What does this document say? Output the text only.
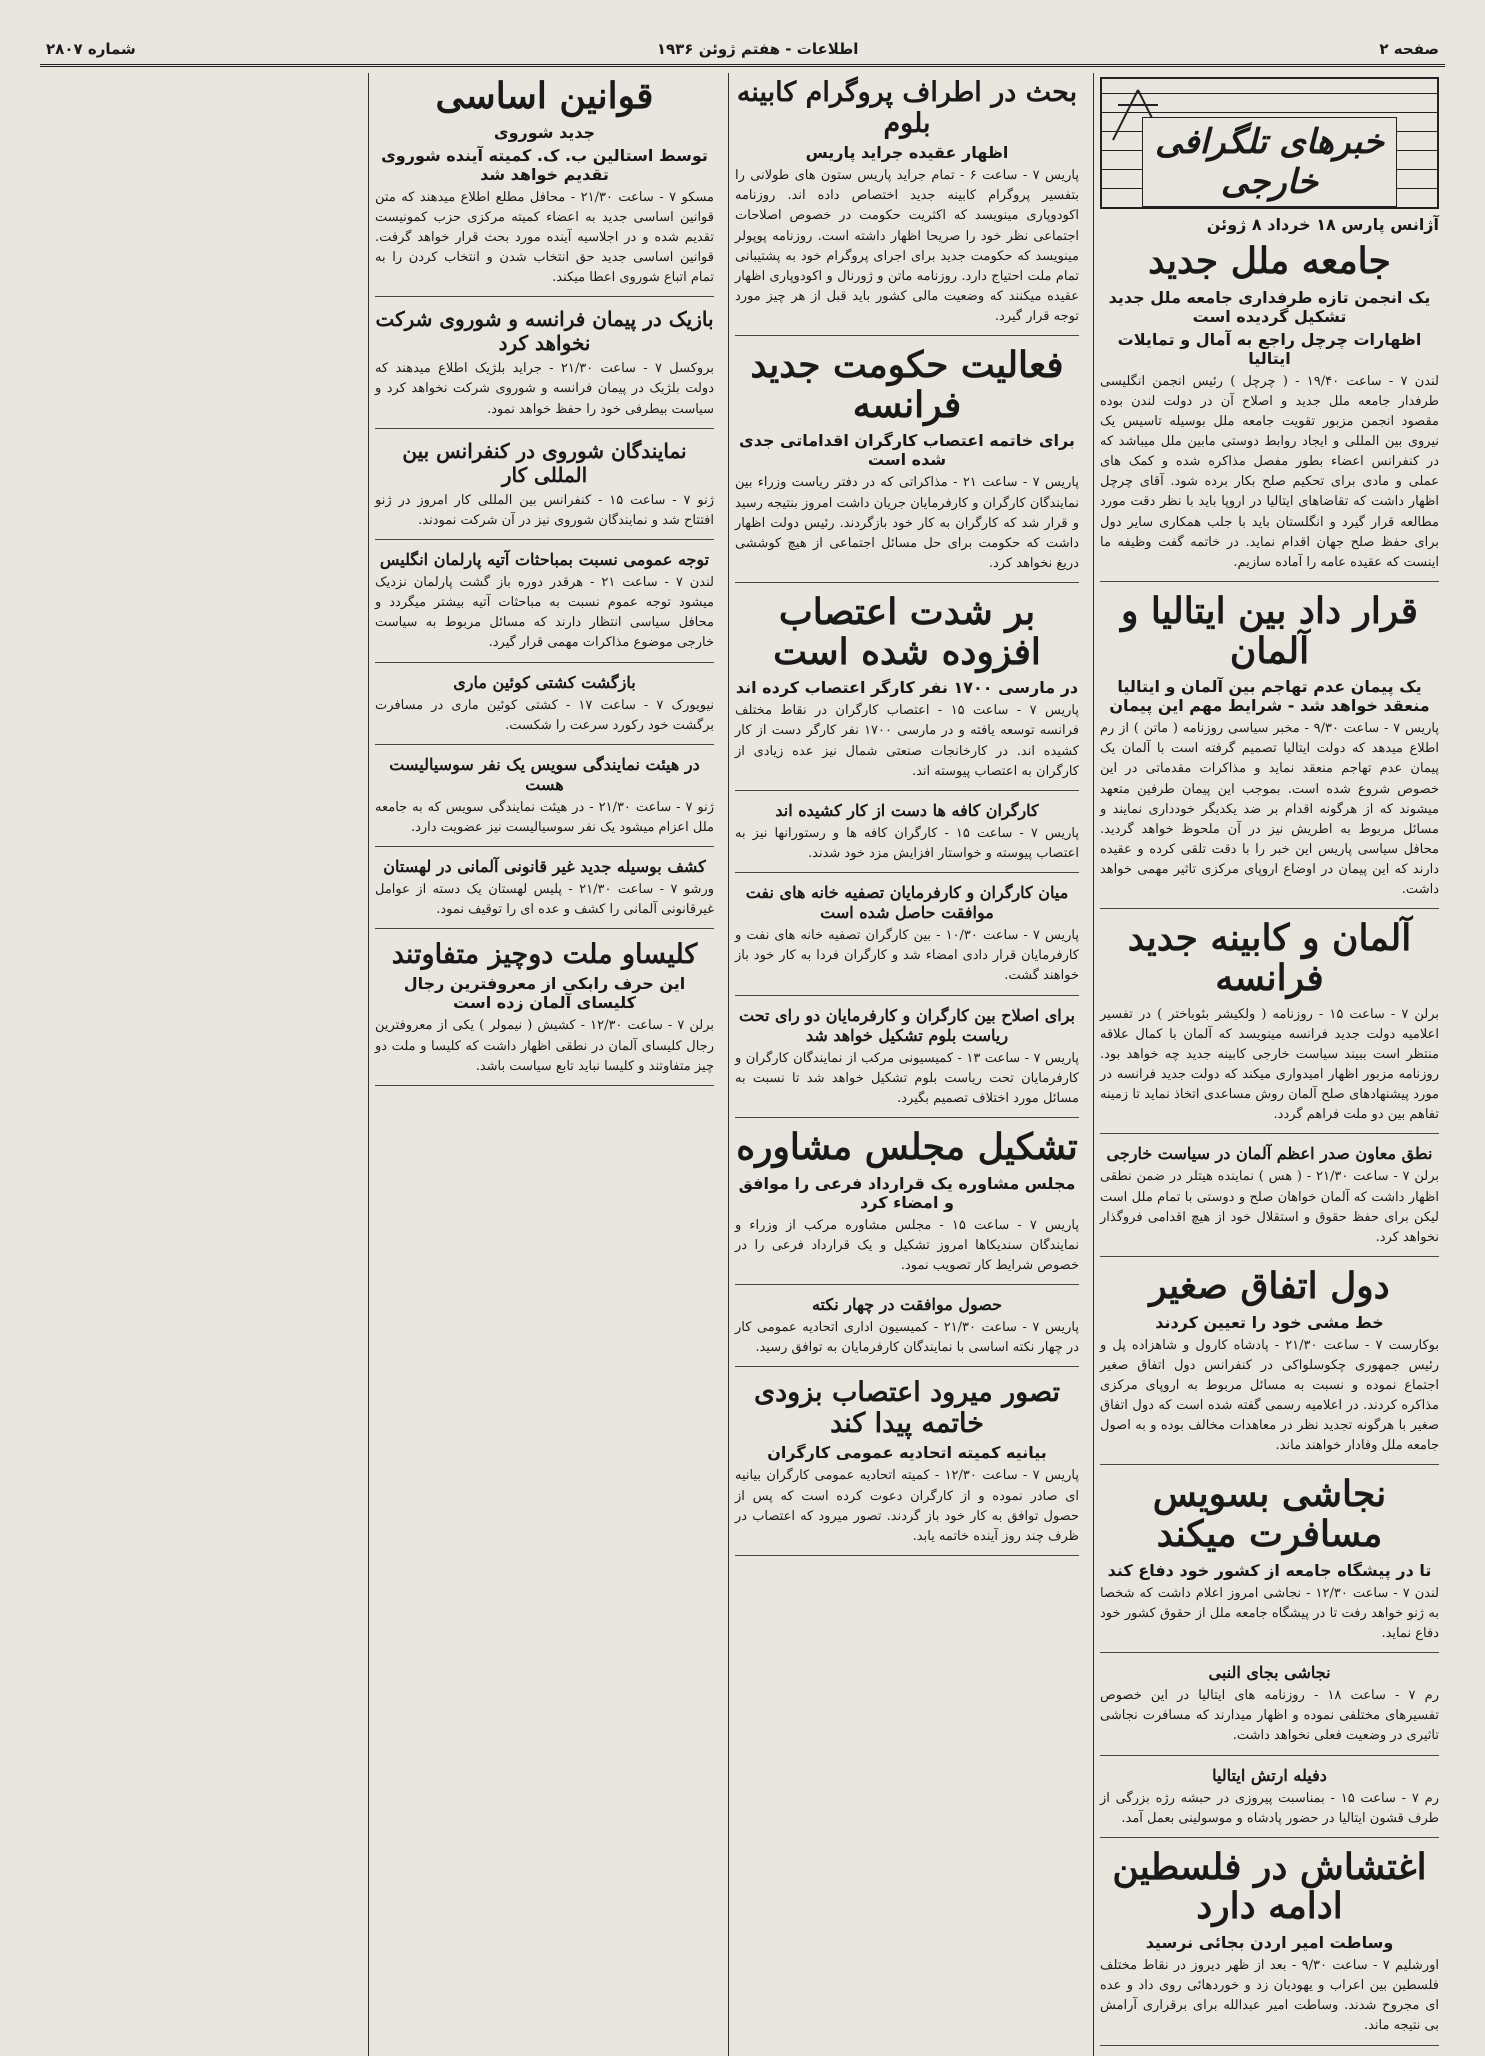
صفحه ۲
اطلاعات - هفتم ژوئن ۱۹۳۶
شماره ۲۸۰۷
خبرهای تلگرافی خارجی
آژانس پارس ۱۸ خرداد ۸ ژوئن
جامعه ملل جدید
یک انجمن تازه طرفداری جامعه ملل جدید تشکیل گردیده است
اظهارات چرچل راجع به آمال و تمایلات ایتالیا

لندن ۷ - ساعت ۱۹/۴۰ - ( چرچل ) رئیس انجمن انگلیسی طرفدار جامعه ملل جدید و اصلاح آن در دولت لندن بوده مقصود انجمن مزبور تقویت جامعه ملل بوسیله تاسیس یک نیروی بین المللی و ایجاد روابط دوستی مابین ملل میباشد که در کنفرانس اعضاء بطور مفصل مذاکره شده و کمک های عملی و مادی برای تحکیم صلح بکار برده شود. آقای چرچل اظهار داشت که تقاضاهای ایتالیا در اروپا باید با نظر دقت مورد مطالعه قرار گیرد و انگلستان باید با جلب همکاری سایر دول برای حفظ صلح جهان اقدام نماید. در خاتمه گفت وظیفه ما اینست که عقیده عامه را آماده سازیم.

قرار داد بین ایتالیا و آلمان
یک پیمان عدم تهاجم بین آلمان و ایتالیا منعقد خواهد شد - شرایط مهم این پیمان

پاریس ۷ - ساعت ۹/۳۰ - مخبر سیاسی روزنامه ( ماتن ) از رم اطلاع میدهد که دولت ایتالیا تصمیم گرفته است با آلمان یک پیمان عدم تهاجم منعقد نماید و مذاکرات مقدماتی در این خصوص شروع شده است. بموجب این پیمان طرفین متعهد میشوند که از هرگونه اقدام بر ضد یکدیگر خودداری نمایند و مسائل مربوط به اطریش نیز در آن ملحوظ خواهد گردید. محافل سیاسی پاریس این خبر را با دقت تلقی کرده و عقیده دارند که این پیمان در اوضاع اروپای مرکزی تاثیر مهمی خواهد داشت.

آلمان و کابینه جدید فرانسه

برلن ۷ - ساعت ۱۵ - روزنامه ( ولکیشر بئوباختر ) در تفسیر اعلامیه دولت جدید فرانسه مینویسد که آلمان با کمال علاقه منتظر است ببیند سیاست خارجی کابینه جدید چه خواهد بود. روزنامه مزبور اظهار امیدواری میکند که دولت جدید فرانسه در مورد پیشنهادهای صلح آلمان روش مساعدی اتخاذ نماید تا زمینه تفاهم بین دو ملت فراهم گردد.

نطق معاون صدر اعظم آلمان در سیاست خارجی

برلن ۷ - ساعت ۲۱/۳۰ - ( هس ) نماینده هیتلر در ضمن نطقی اظهار داشت که آلمان خواهان صلح و دوستی با تمام ملل است لیکن برای حفظ حقوق و استقلال خود از هیچ اقدامی فروگذار نخواهد کرد.

دول اتفاق صغیر
خط مشی خود را تعیین کردند

بوکارست ۷ - ساعت ۲۱/۳۰ - پادشاه کارول و شاهزاده پل و رئیس جمهوری چکوسلواکی در کنفرانس دول اتفاق صغیر اجتماع نموده و نسبت به مسائل مربوط به اروپای مرکزی مذاکره کردند. در اعلامیه رسمی گفته شده است که دول اتفاق صغیر با هرگونه تجدید نظر در معاهدات مخالف بوده و به اصول جامعه ملل وفادار خواهند ماند.

نجاشی بسویس مسافرت میکند
تا در پیشگاه جامعه از کشور خود دفاع کند

لندن ۷ - ساعت ۱۲/۳۰ - نجاشی امروز اعلام داشت که شخصا به ژنو خواهد رفت تا در پیشگاه جامعه ملل از حقوق کشور خود دفاع نماید.

نجاشی بجای النبی

رم ۷ - ساعت ۱۸ - روزنامه های ایتالیا در این خصوص تفسیرهای مختلفی نموده و اظهار میدارند که مسافرت نجاشی تاثیری در وضعیت فعلی نخواهد داشت.

دفیله ارتش ایتالیا

رم ۷ - ساعت ۱۵ - بمناسبت پیروزی در حبشه رژه بزرگی از طرف قشون ایتالیا در حضور پادشاه و موسولینی بعمل آمد.

اغتشاش در فلسطین ادامه دارد
وساطت امیر اردن بجائی نرسید

اورشلیم ۷ - ساعت ۹/۳۰ - بعد از ظهر دیروز در نقاط مختلف فلسطین بین اعراب و یهودیان زد و خوردهائی روی داد و عده ای مجروح شدند. وساطت امیر عبدالله برای برقراری آرامش بی نتیجه ماند.

بحث در اطراف پروگرام کابینه بلوم
اظهار عقیده جراید پاریس

پاریس ۷ - ساعت ۶ - تمام جراید پاریس ستون های طولانی را بتفسیر پروگرام کابینه جدید اختصاص داده اند. روزنامه اکودوپاری مینویسد که اکثریت حکومت در خصوص اصلاحات اجتماعی نظر خود را صریحا اظهار داشته است. روزنامه پوپولر مینویسد که حکومت جدید برای اجرای پروگرام خود به پشتیبانی تمام ملت احتیاج دارد. روزنامه ماتن و ژورنال و اکودوپاری اظهار عقیده میکنند که وضعیت مالی کشور باید قبل از هر چیز مورد توجه قرار گیرد.

فعالیت حکومت جدید فرانسه
برای خاتمه اعتصاب کارگران اقداماتی جدی شده است

پاریس ۷ - ساعت ۲۱ - مذاکراتی که در دفتر ریاست وزراء بین نمایندگان کارگران و کارفرمایان جریان داشت امروز بنتیجه رسید و قرار شد که کارگران به کار خود بازگردند. رئیس دولت اظهار داشت که حکومت برای حل مسائل اجتماعی از هیچ کوششی دریغ نخواهد کرد.

بر شدت اعتصاب افزوده شده است
در مارسی ۱۷۰۰ نفر کارگر اعتصاب کرده اند

پاریس ۷ - ساعت ۱۵ - اعتصاب کارگران در نقاط مختلف فرانسه توسعه یافته و در مارسی ۱۷۰۰ نفر کارگر دست از کار کشیده اند. در کارخانجات صنعتی شمال نیز عده زیادی از کارگران به اعتصاب پیوسته اند.

کارگران کافه ها دست از کار کشیده اند

پاریس ۷ - ساعت ۱۵ - کارگران کافه ها و رستورانها نیز به اعتصاب پیوسته و خواستار افزایش مزد خود شدند.

میان کارگران و کارفرمایان تصفیه خانه های نفت موافقت حاصل شده است

پاریس ۷ - ساعت ۱۰/۳۰ - بین کارگران تصفیه خانه های نفت و کارفرمایان قرار دادی امضاء شد و کارگران فردا به کار خود باز خواهند گشت.

برای اصلاح بین کارگران و کارفرمایان دو رای تحت ریاست بلوم تشکیل خواهد شد

پاریس ۷ - ساعت ۱۳ - کمیسیونی مرکب از نمایندگان کارگران و کارفرمایان تحت ریاست بلوم تشکیل خواهد شد تا نسبت به مسائل مورد اختلاف تصمیم بگیرد.

تشکیل مجلس مشاوره
مجلس مشاوره یک قرارداد فرعی را موافق و امضاء کرد

پاریس ۷ - ساعت ۱۵ - مجلس مشاوره مرکب از وزراء و نمایندگان سندیکاها امروز تشکیل و یک قرارداد فرعی را در خصوص شرایط کار تصویب نمود.

حصول موافقت در چهار نکته

پاریس ۷ - ساعت ۲۱/۳۰ - کمیسیون اداری اتحادیه عمومی کار در چهار نکته اساسی با نمایندگان کارفرمایان به توافق رسید.

تصور میرود اعتصاب بزودی خاتمه پیدا کند
بیانیه کمیته اتحادیه عمومی کارگران

پاریس ۷ - ساعت ۱۲/۳۰ - کمیته اتحادیه عمومی کارگران بیانیه ای صادر نموده و از کارگران دعوت کرده است که پس از حصول توافق به کار خود باز گردند. تصور میرود که اعتصاب در ظرف چند روز آینده خاتمه یابد.

قوانین اساسی
جدید شوروی
توسط استالین ب. ک. کمیته آینده شوروی تقدیم خواهد شد

مسکو ۷ - ساعت ۲۱/۳۰ - محافل مطلع اطلاع میدهند که متن قوانین اساسی جدید به اعضاء کمیته مرکزی حزب کمونیست تقدیم شده و در اجلاسیه آینده مورد بحث قرار خواهد گرفت. قوانین اساسی جدید حق انتخاب شدن و انتخاب کردن را به تمام اتباع شوروی اعطا میکند.

بازیک در پیمان فرانسه و شوروی شرکت نخواهد کرد

بروکسل ۷ - ساعت ۲۱/۳۰ - جراید بلژیک اطلاع میدهند که دولت بلژیک در پیمان فرانسه و شوروی شرکت نخواهد کرد و سیاست بیطرفی خود را حفظ خواهد نمود.

نمایندگان شوروی در کنفرانس بین المللی کار

ژنو ۷ - ساعت ۱۵ - کنفرانس بین المللی کار امروز در ژنو افتتاح شد و نمایندگان شوروی نیز در آن شرکت نمودند.

توجه عمومی نسبت بمباحثات آتیه پارلمان انگلیس

لندن ۷ - ساعت ۲۱ - هرقدر دوره باز گشت پارلمان نزدیک میشود توجه عموم نسبت به مباحثات آتیه بیشتر میگردد و محافل سیاسی انتظار دارند که مسائل مربوط به سیاست خارجی موضوع مذاکرات مهمی قرار گیرد.

بازگشت کشتی کوئین ماری

نیویورک ۷ - ساعت ۱۷ - کشتی کوئین ماری در مسافرت برگشت خود رکورد سرعت را شکست.

در هیئت نمایندگی سویس یک نفر سوسیالیست هست

ژنو ۷ - ساعت ۲۱/۳۰ - در هیئت نمایندگی سویس که به جامعه ملل اعزام میشود یک نفر سوسیالیست نیز عضویت دارد.

کشف بوسیله جدید غیر قانونی آلمانی در لهستان

ورشو ۷ - ساعت ۲۱/۳۰ - پلیس لهستان یک دسته از عوامل غیرقانونی آلمانی را کشف و عده ای را توقیف نمود.

کلیساو ملت دوچیز متفاوتند
این حرف رابکی از معروفترین رجال کلیسای آلمان زده است

برلن ۷ - ساعت ۱۲/۳۰ - کشیش ( نیمولر ) یکی از معروفترین رجال کلیسای آلمان در نطقی اظهار داشت که کلیسا و ملت دو چیز متفاوتند و کلیسا نباید تابع سیاست باشد.
